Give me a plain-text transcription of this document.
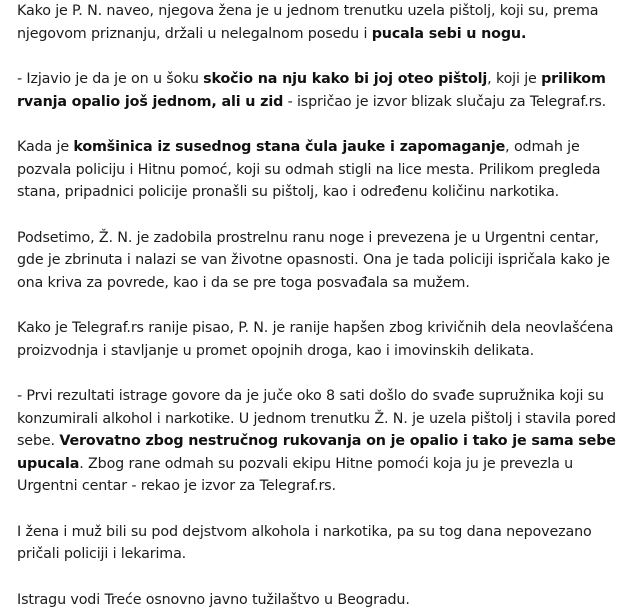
Kako je P. N. naveo, njegova žena je u jednom trenutku uzela pištolj, koji su, prema njegovom priznanju, držali u nelegalnom posedu i pucala sebi u nogu.

- Izjavio je da je on u šoku skočio na nju kako bi joj oteo pištolj, koji je prilikom rvanja opalio još jednom, ali u zid - ispričao je izvor blizak slučaju za Telegraf.rs.

Kada je komšinica iz susednog stana čula jauke i zapomaganje, odmah je pozvala policiju i Hitnu pomoć, koji su odmah stigli na lice mesta. Prilikom pregleda stana, pripadnici policije pronašli su pištolj, kao i određenu količinu narkotika.

Podsetimo, Ž. N. je zadobila prostrelnu ranu noge i prevezena je u Urgentni centar, gde je zbrinuta i nalazi se van životne opasnosti. Ona je tada policiji ispričala kako je ona kriva za povrede, kao i da se pre toga posvađala sa mužem.

Kako je Telegraf.rs ranije pisao, P. N. je ranije hapšen zbog krivičnih dela neovlašćena proizvodnja i stavljanje u promet opojnih droga, kao i imovinskih delikata.

- Prvi rezultati istrage govore da je juče oko 8 sati došlo do svađe supružnika koji su konzumirali alkohol i narkotike. U jednom trenutku Ž. N. je uzela pištolj i stavila pored sebe. Verovatno zbog nestručnog rukovanja on je opalio i tako je sama sebe upucala. Zbog rane odmah su pozvali ekipu Hitne pomoći koja ju je prevezla u Urgentni centar - rekao je izvor za Telegraf.rs.

I žena i muž bili su pod dejstvom alkohola i narkotika, pa su tog dana nepovezano pričali policiji i lekarima.

Istragu vodi Treće osnovno javno tužilaštvo u Beogradu.
